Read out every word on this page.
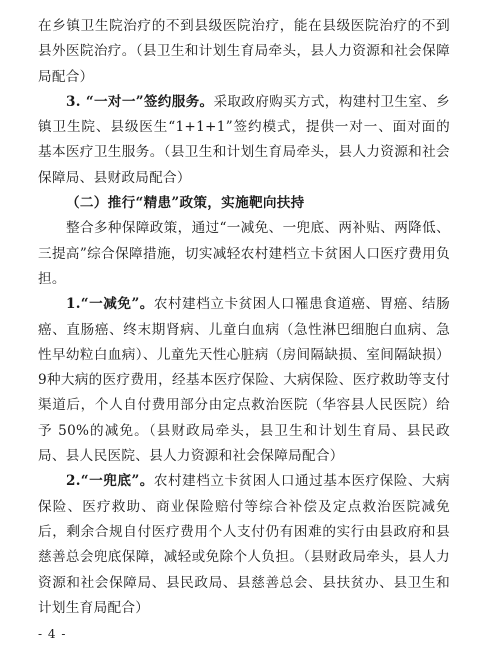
在乡镇卫生院治疗的不到县级医院治疗，能在县级医院治疗的不到县外医院治疗。（县卫生和计划生育局牵头，县人力资源和社会保障局配合）

3. “一对一”签约服务。采取政府购买方式，构建村卫生室、乡镇卫生院、县级医生“1+1+1”签约模式，提供一对一、面对面的基本医疗卫生服务。（县卫生和计划生育局牵头，县人力资源和社会保障局、县财政局配合）

（二）推行“精患”政策，实施靶向扶持

整合多种保障政策，通过“一减免、一兜底、两补贴、两降低、三提高”综合保障措施，切实减轻农村建档立卡贫困人口医疗费用负担。

1.“一减免”。农村建档立卡贫困人口罹患食道癌、胃癌、结肠癌、直肠癌、终末期肾病、儿童白血病（急性淋巴细胞白血病、急性早幼粒白血病）、儿童先天性心脏病（房间隔缺损、室间隔缺损）9种大病的医疗费用，经基本医疗保险、大病保险、医疗救助等支付渠道后，个人自付费用部分由定点救治医院（华容县人民医院）给予 50%的减免。（县财政局牵头，县卫生和计划生育局、县民政局、县人民医院、县人力资源和社会保障局配合）

2.“一兜底”。农村建档立卡贫困人口通过基本医疗保险、大病保险、医疗救助、商业保险赔付等综合补偿及定点救治医院减免后，剩余合规自付医疗费用个人支付仍有困难的实行由县政府和县慈善总会兜底保障，减轻或免除个人负担。（县财政局牵头，县人力资源和社会保障局、县民政局、县慈善总会、县扶贫办、县卫生和计划生育局配合）

- 4 -
